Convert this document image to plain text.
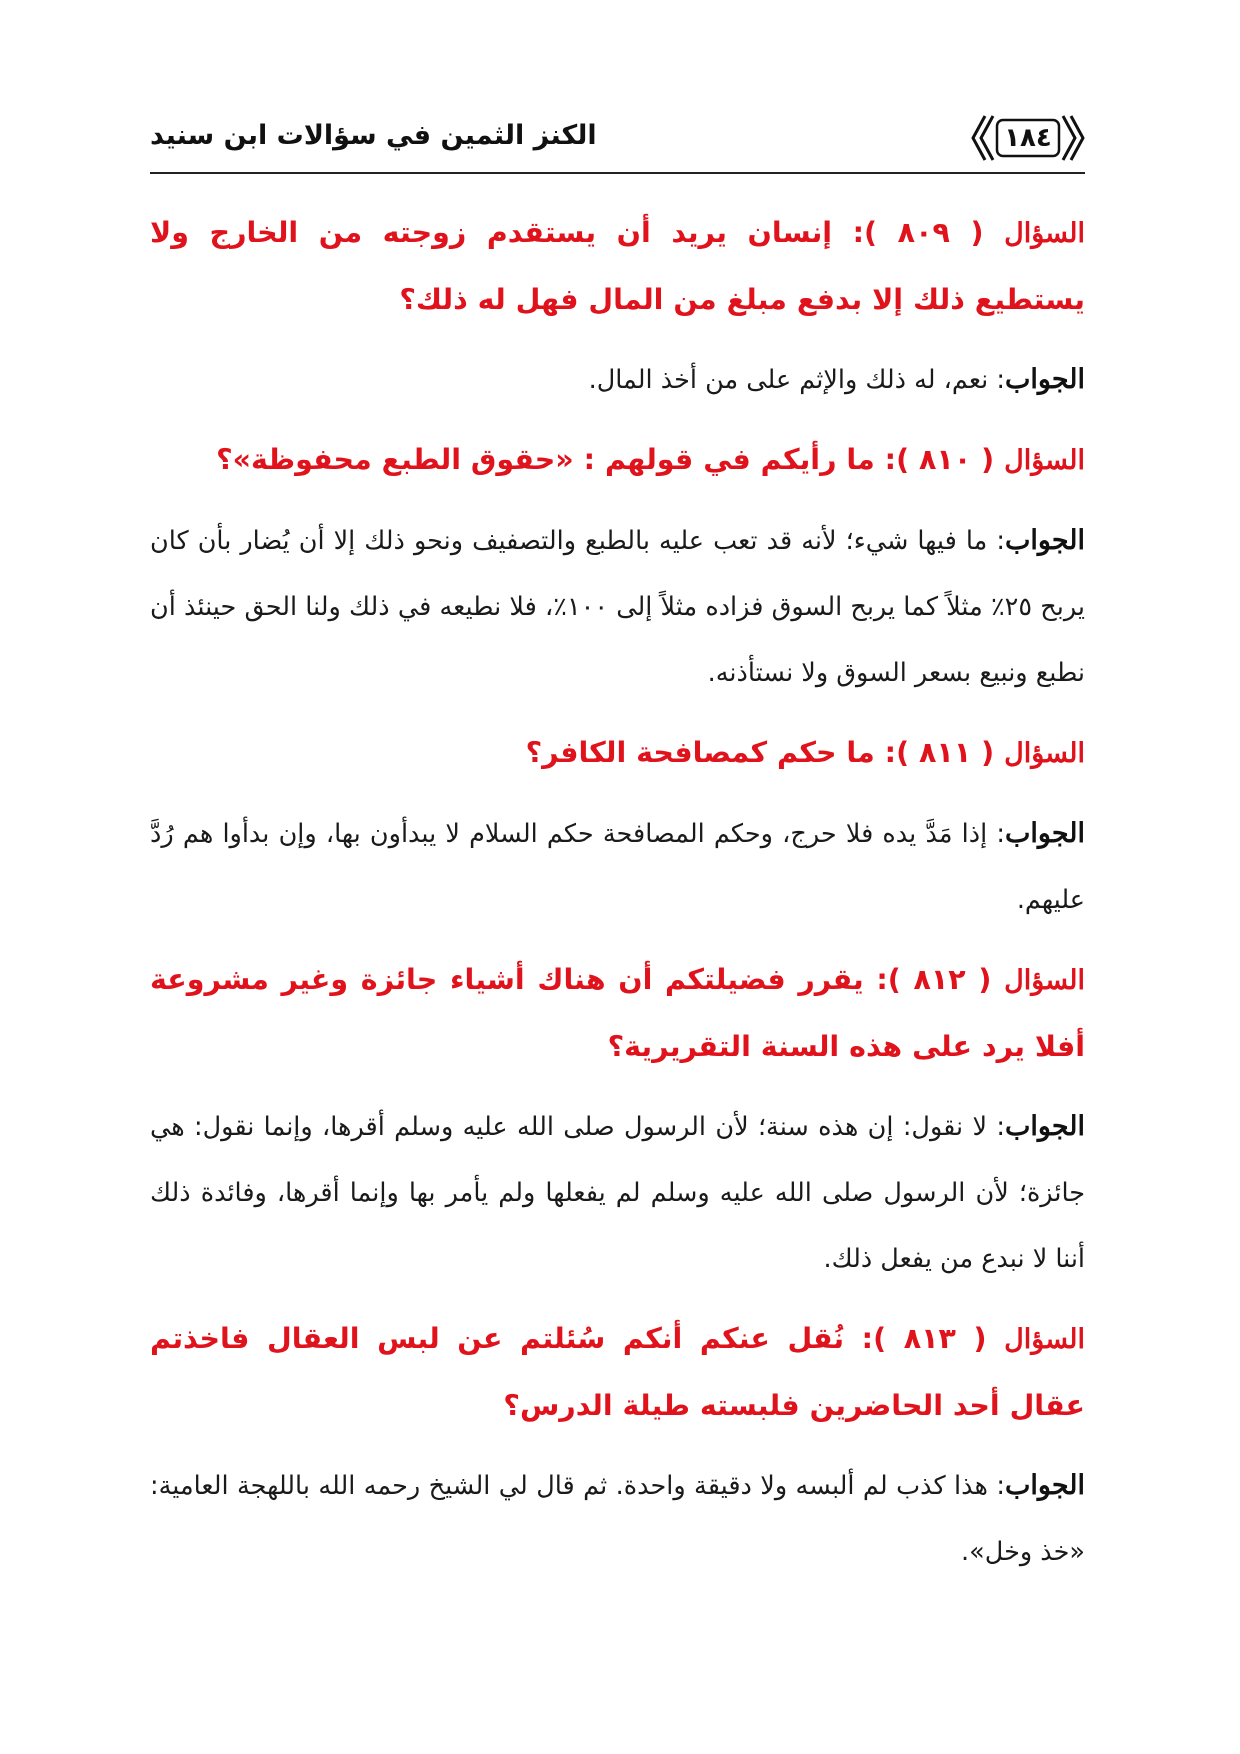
الكنز الثمين في سؤالات ابن سنيد	١٨٤

السؤال ( ٨٠٩ ): إنسان يريد أن يستقدم زوجته من الخارج ولا يستطيع ذلك إلا بدفع مبلغ من المال فهل له ذلك؟

الجواب: نعم، له ذلك والإثم على من أخذ المال.

السؤال ( ٨١٠ ): ما رأيكم في قولهم : «حقوق الطبع محفوظة»؟

الجواب: ما فيها شيء؛ لأنه قد تعب عليه بالطبع والتصفيف ونحو ذلك إلا أن يُضار بأن كان يربح ٢٥٪ مثلاً كما يربح السوق فزاده مثلاً إلى ١٠٠٪، فلا نطيعه في ذلك ولنا الحق حينئذ أن نطبع ونبيع بسعر السوق ولا نستأذنه.

السؤال ( ٨١١ ): ما حكم كمصافحة الكافر؟

الجواب: إذا مَدَّ يده فلا حرج، وحكم المصافحة حكم السلام لا يبدأون بها، وإن بدأوا هم رُدَّ عليهم.

السؤال ( ٨١٢ ): يقرر فضيلتكم أن هناك أشياء جائزة وغير مشروعة أفلا يرد على هذه السنة التقريرية؟

الجواب: لا نقول: إن هذه سنة؛ لأن الرسول صلى الله عليه وسلم أقرها، وإنما نقول: هي جائزة؛ لأن الرسول صلى الله عليه وسلم لم يفعلها ولم يأمر بها وإنما أقرها، وفائدة ذلك أننا لا نبدع من يفعل ذلك.

السؤال ( ٨١٣ ): نُقل عنكم أنكم سُئلتم عن لبس العقال فاخذتم عقال أحد الحاضرين فلبسته طيلة الدرس؟

الجواب: هذا كذب لم ألبسه ولا دقيقة واحدة. ثم قال لي الشيخ رحمه الله باللهجة العامية: «خذ وخل».
